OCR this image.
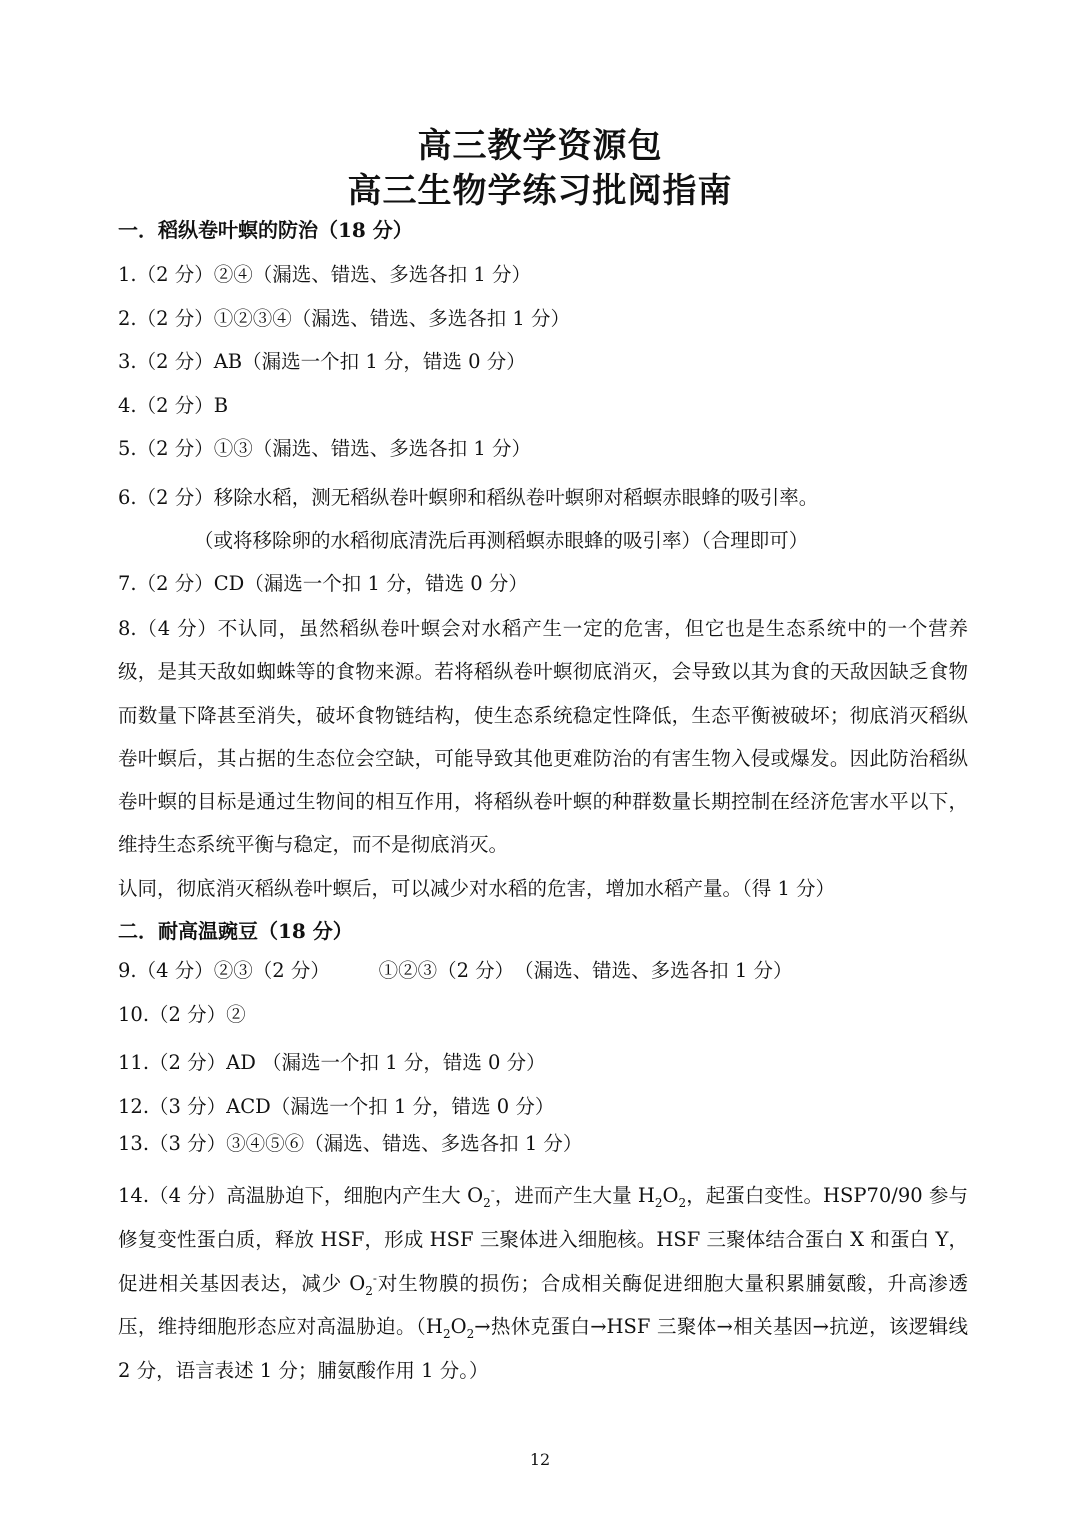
高三教学资源包
高三生物学练习批阅指南
一．稻纵卷叶螟的防治（18 分）
1.（2 分）②④（漏选、错选、多选各扣 1 分）
2.（2 分）①②③④（漏选、错选、多选各扣 1 分）
3.（2 分）AB（漏选一个扣 1 分，错选 0 分）
4.（2 分）B
5.（2 分）①③（漏选、错选、多选各扣 1 分）
6.（2 分）移除水稻，测无稻纵卷叶螟卵和稻纵卷叶螟卵对稻螟赤眼蜂的吸引率。
（或将移除卵的水稻彻底清洗后再测稻螟赤眼蜂的吸引率）（合理即可）
7.（2 分）CD（漏选一个扣 1 分，错选 0 分）
8.（4 分）不认同，虽然稻纵卷叶螟会对水稻产生一定的危害，但它也是生态系统中的一个营养级，是其天敌如蜘蛛等的食物来源。若将稻纵卷叶螟彻底消灭，会导致以其为食的天敌因缺乏食物而数量下降甚至消失，破坏食物链结构，使生态系统稳定性降低，生态平衡被破坏；彻底消灭稻纵卷叶螟后，其占据的生态位会空缺，可能导致其他更难防治的有害生物入侵或爆发。因此防治稻纵卷叶螟的目标是通过生物间的相互作用，将稻纵卷叶螟的种群数量长期控制在经济危害水平以下，维持生态系统平衡与稳定，而不是彻底消灭。
认同，彻底消灭稻纵卷叶螟后，可以减少对水稻的危害，增加水稻产量。（得 1 分）
二．耐高温豌豆（18 分）
9.（4 分）②③（2 分）　　　①②③（2 分）　（漏选、错选、多选各扣 1 分）
10.（2 分）②
11.（2 分）AD （漏选一个扣 1 分，错选 0 分）
12.（3 分）ACD（漏选一个扣 1 分，错选 0 分）
13.（3 分）③④⑤⑥（漏选、错选、多选各扣 1 分）
14.（4 分）高温胁迫下，细胞内产生大 $O_2^-$，进而产生大量 $H_2O_2$，起蛋白变性。HSP70/90 参与修复变性蛋白质，释放 HSF，形成 HSF 三聚体进入细胞核。HSF 三聚体结合蛋白 X 和蛋白 Y，促进相关基因表达，减少 $O_2^-$对生物膜的损伤；合成相关酶促进细胞大量积累脯氨酸，升高渗透压，维持细胞形态应对高温胁迫。（$H_2O_2\to$热休克蛋白→HSF 三聚体→相关基因→抗逆，该逻辑线 2 分，语言表述 1 分；脯氨酸作用 1 分。）
12
